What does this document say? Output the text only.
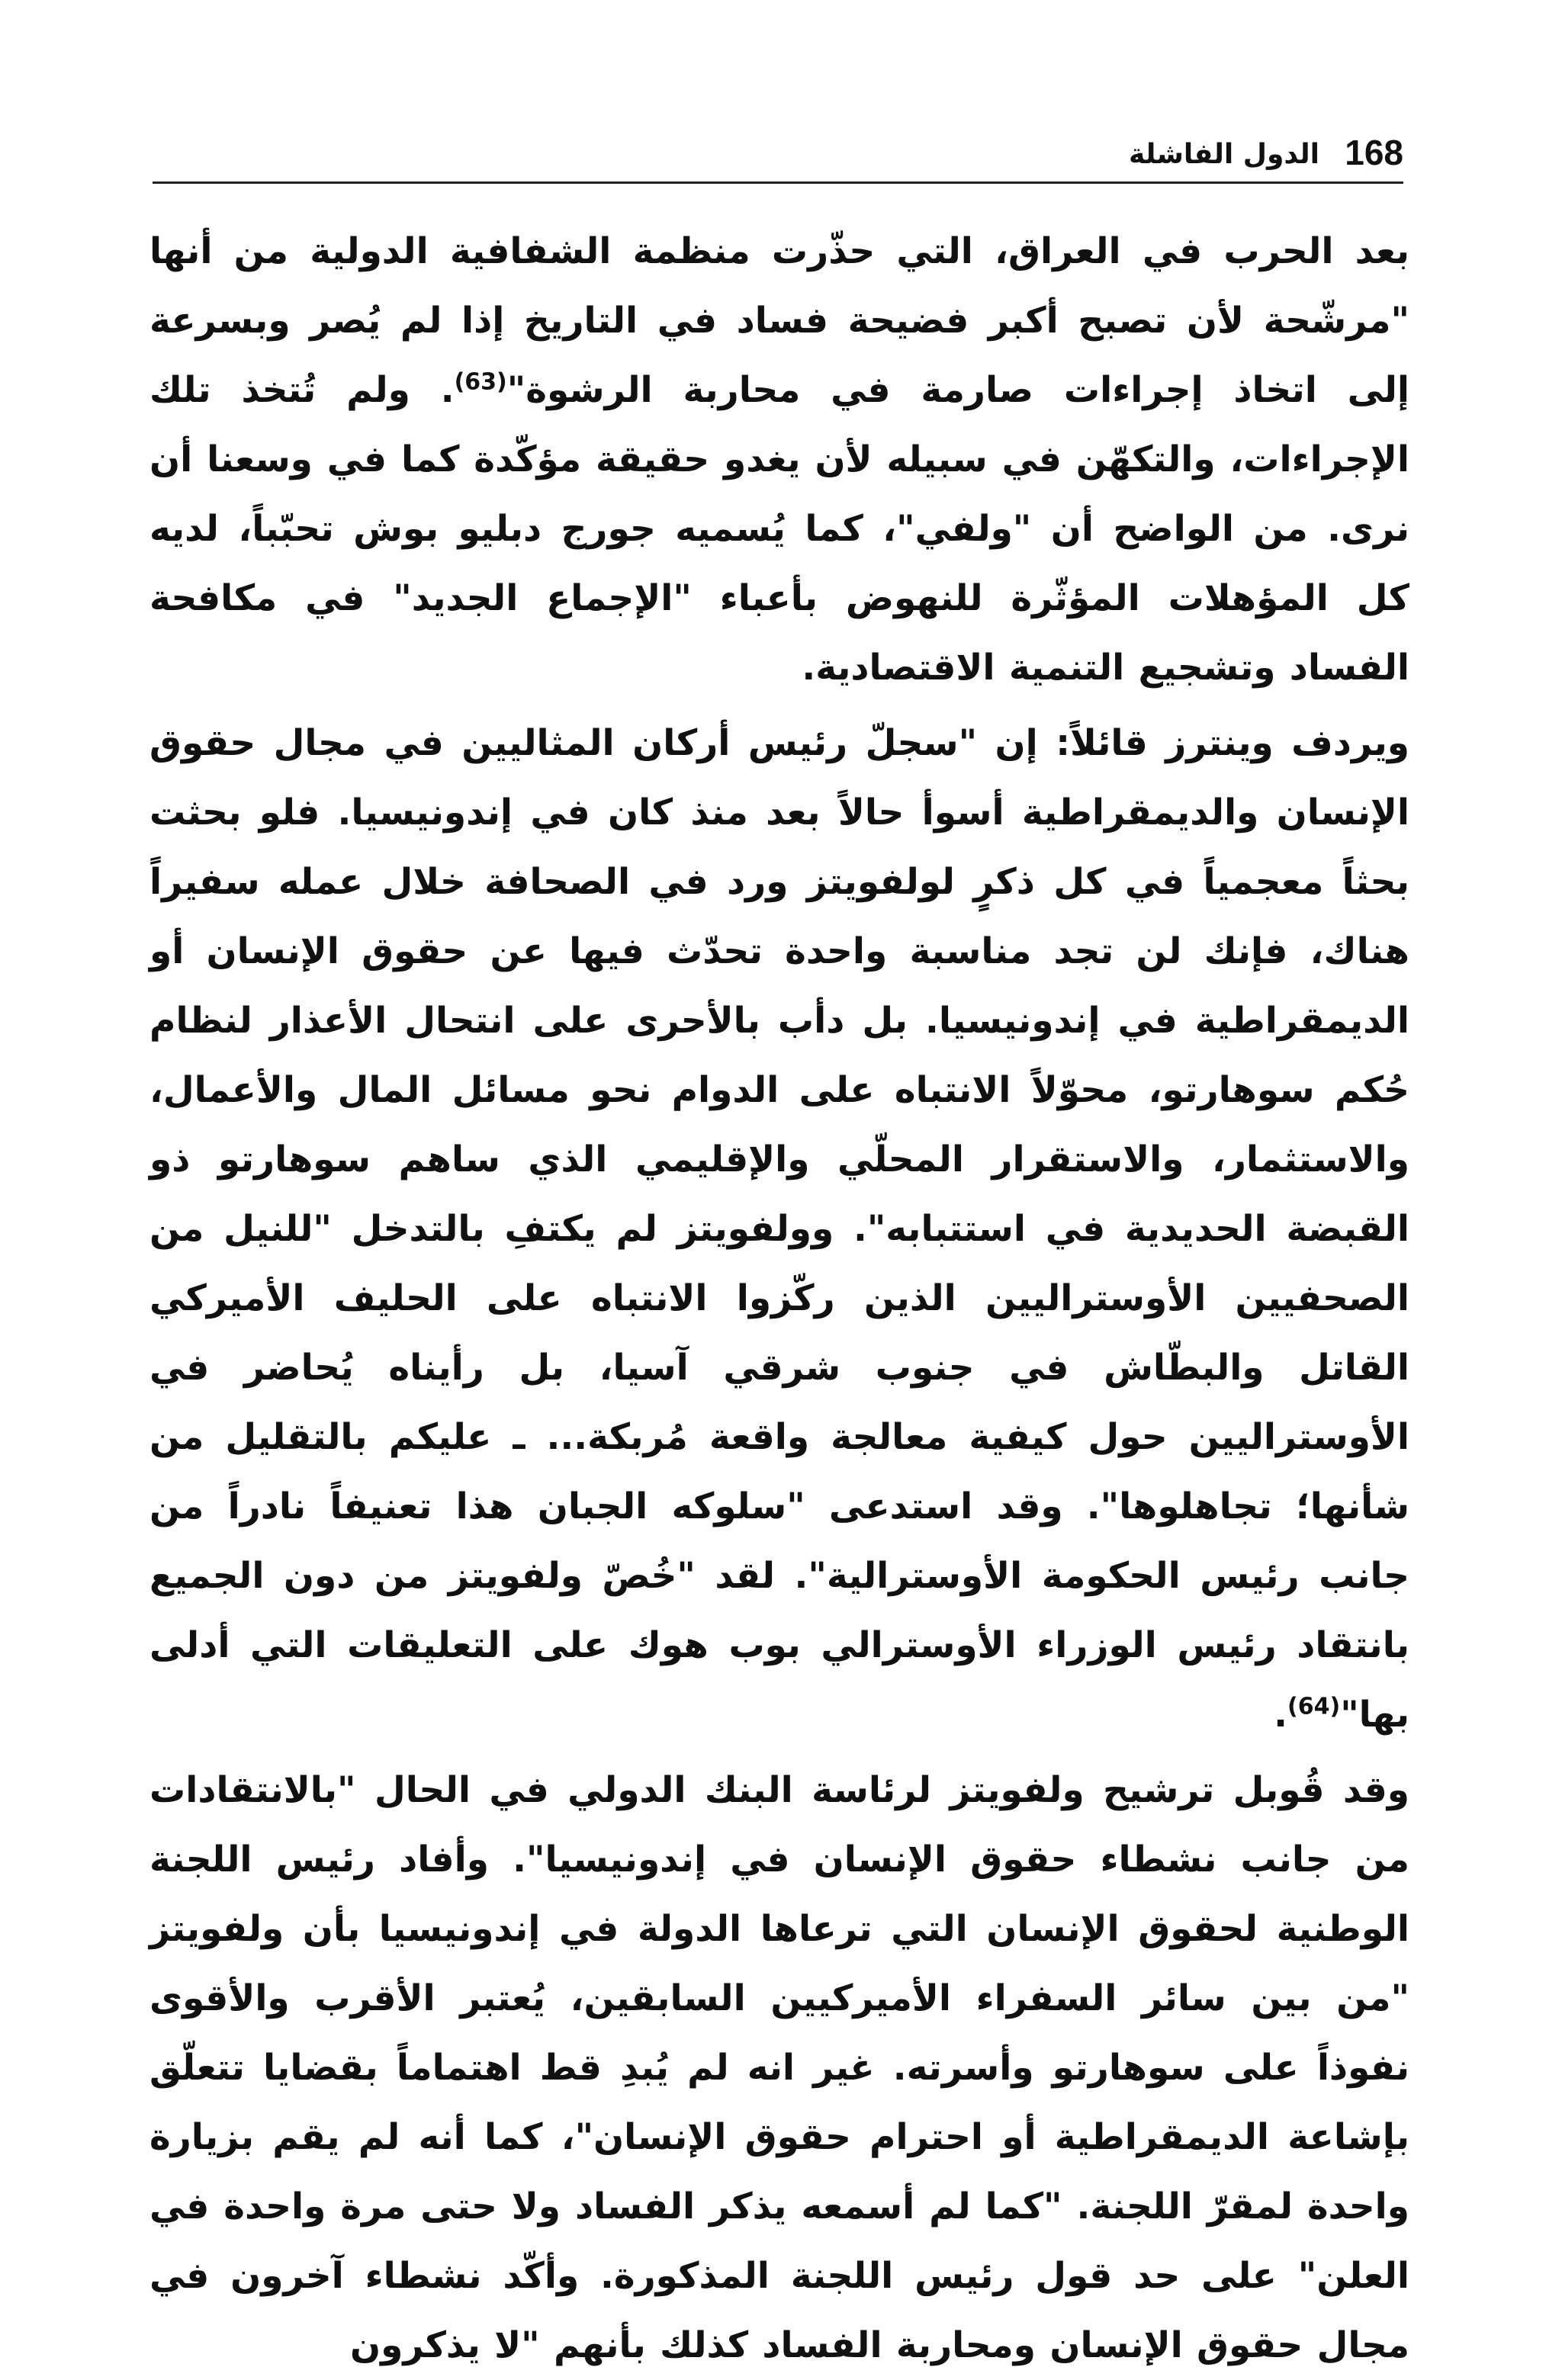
168
الدول الفاشلة

بعد الحرب في العراق، التي حذّرت منظمة الشفافية الدولية من أنها "مرشّحة لأن تصبح أكبر فضيحة فساد في التاريخ إذا لم يُصر وبسرعة إلى اتخاذ إجراءات صارمة في محاربة الرشوة"$^{(63)}$. ولم تُتخذ تلك الإجراءات، والتكهّن في سبيله لأن يغدو حقيقة مؤكّدة كما في وسعنا أن نرى. من الواضح أن "ولفي"، كما يُسميه جورج دبليو بوش تحبّباً، لديه كل المؤهلات المؤثّرة للنهوض بأعباء "الإجماع الجديد" في مكافحة الفساد وتشجيع التنمية الاقتصادية.

ويردف وينترز قائلاً: إن "سجلّ رئيس أركان المثاليين في مجال حقوق الإنسان والديمقراطية أسوأ حالاً بعد منذ كان في إندونيسيا. فلو بحثت بحثاً معجمياً في كل ذكرٍ لولفويتز ورد في الصحافة خلال عمله سفيراً هناك، فإنك لن تجد مناسبة واحدة تحدّث فيها عن حقوق الإنسان أو الديمقراطية في إندونيسيا. بل دأب بالأحرى على انتحال الأعذار لنظام حُكم سوهارتو، محوّلاً الانتباه على الدوام نحو مسائل المال والأعمال، والاستثمار، والاستقرار المحلّي والإقليمي الذي ساهم سوهارتو ذو القبضة الحديدية في استتبابه". وولفويتز لم يكتفِ بالتدخل "للنيل من الصحفيين الأوستراليين الذين ركّزوا الانتباه على الحليف الأميركي القاتل والبطّاش في جنوب شرقي آسيا، بل رأيناه يُحاضر في الأوستراليين حول كيفية معالجة واقعة مُربكة... ـ عليكم بالتقليل من شأنها؛ تجاهلوها". وقد استدعى "سلوكه الجبان هذا تعنيفاً نادراً من جانب رئيس الحكومة الأوسترالية". لقد "خُصّ ولفويتز من دون الجميع بانتقاد رئيس الوزراء الأوسترالي بوب هوك على التعليقات التي أدلى بها"$^{(64)}$.

وقد قُوبل ترشيح ولفويتز لرئاسة البنك الدولي في الحال "بالانتقادات من جانب نشطاء حقوق الإنسان في إندونيسيا". وأفاد رئيس اللجنة الوطنية لحقوق الإنسان التي ترعاها الدولة في إندونيسيا بأن ولفويتز "من بين سائر السفراء الأميركيين السابقين، يُعتبر الأقرب والأقوى نفوذاً على سوهارتو وأسرته. غير انه لم يُبدِ قط اهتماماً بقضايا تتعلّق بإشاعة الديمقراطية أو احترام حقوق الإنسان"، كما أنه لم يقم بزيارة واحدة لمقرّ اللجنة. "كما لم أسمعه يذكر الفساد ولا حتى مرة واحدة في العلن" على حد قول رئيس اللجنة المذكورة. وأكّد نشطاء آخرون في مجال حقوق الإنسان ومحاربة الفساد كذلك بأنهم "لا يذكرون
